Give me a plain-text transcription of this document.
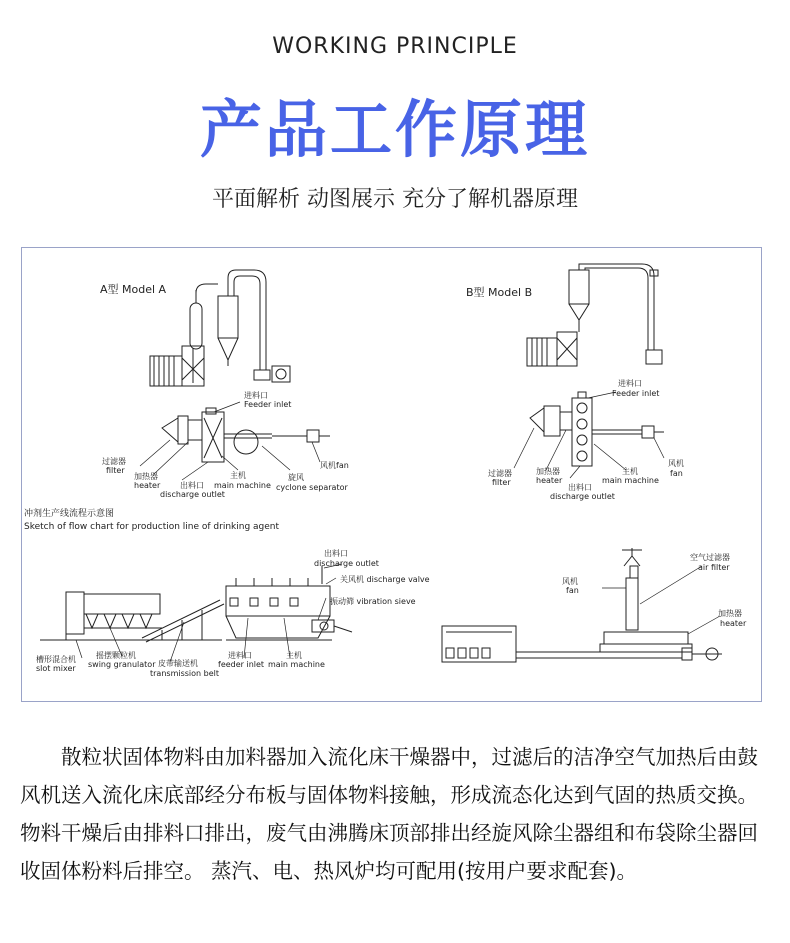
WORKING PRINCIPLE
产品工作原理
平面解析 动图展示 充分了解机器原理
A型 Model A
进料口
Feeder inlet
过滤器
filter
加热器
heater 出料口
discharge outlet
主机
main machine
旋风
cyclone separator
风机fan
B型 Model B
进料口
Feeder inlet
过滤器
filter
加热器
heater
出料口
discharge outlet
主机
main machine
风机
fan
冲剂生产线流程示意图
Sketch of flow chart for production line of drinking agent
出料口
discharge outlet
关风机 discharge valve
振动筛 vibration sieve
槽形混合机
slot mixer
摇摆颗粒机
swing granulator 皮带输送机
transmission belt
进料口
feeder inlet
主机
main machine
空气过滤器
air filter
风机
fan
加热器
heater
散粒状固体物料由加料器加入流化床干燥器中，过滤后的洁净空气加热后由鼓风机送入流化床底部经分布板与固体物料接触，形成流态化达到气固的热质交换。物料干燥后由排料口排出，废气由沸腾床顶部排出经旋风除尘器组和布袋除尘器回收固体粉料后排空。 蒸汽、电、热风炉均可配用(按用户要求配套)。
